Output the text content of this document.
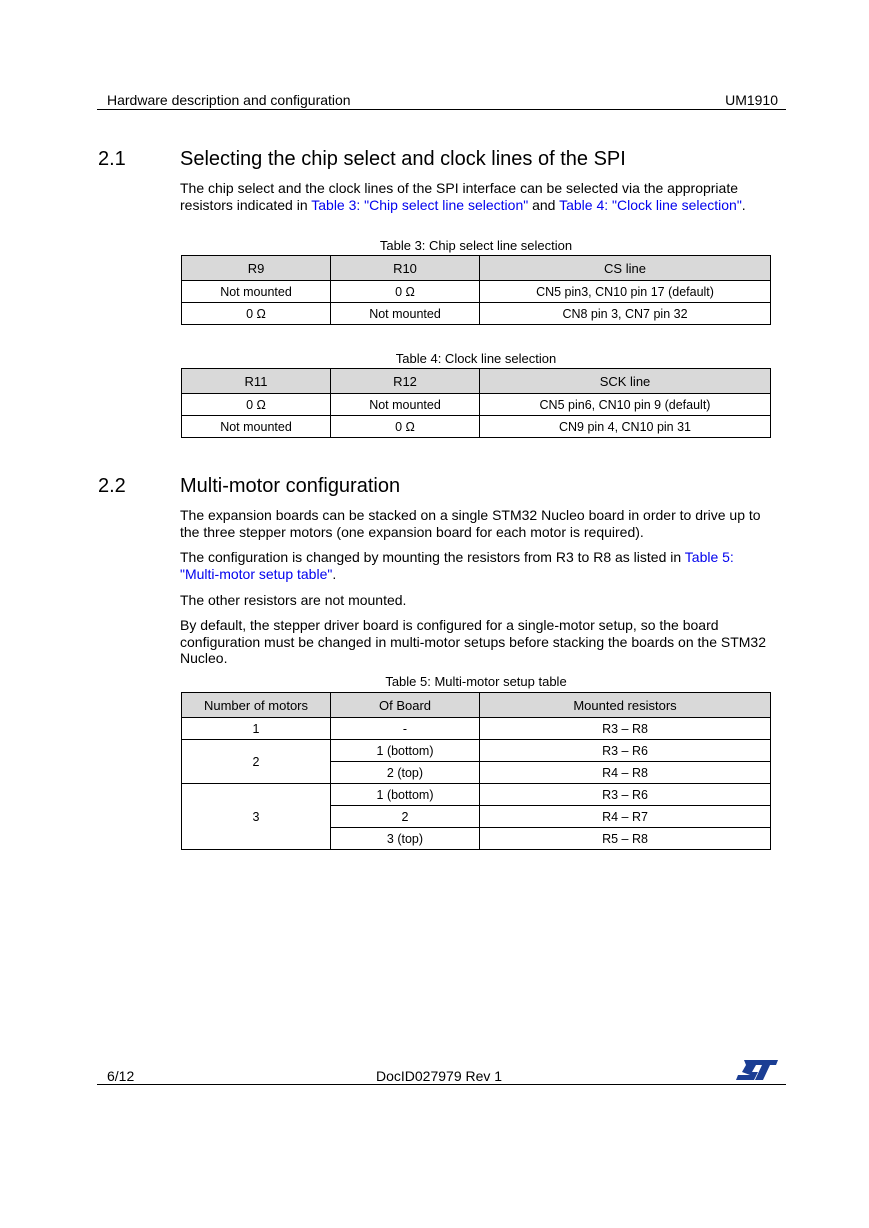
Hardware description and configuration	UM1910
2.1	Selecting the chip select and clock lines of the SPI
The chip select and the clock lines of the SPI interface can be selected via the appropriate resistors indicated in Table 3: "Chip select line selection" and Table 4: "Clock line selection".
Table 3: Chip select line selection
R9	R10	CS line
Not mounted	0 Ω	CN5 pin3, CN10 pin 17 (default)
0 Ω	Not mounted	CN8 pin 3, CN7 pin 32
Table 4: Clock line selection
R11	R12	SCK line
0 Ω	Not mounted	CN5 pin6, CN10 pin 9 (default)
Not mounted	0 Ω	CN9 pin 4, CN10 pin 31
2.2	Multi-motor configuration
The expansion boards can be stacked on a single STM32 Nucleo board in order to drive up to the three stepper motors (one expansion board for each motor is required).
The configuration is changed by mounting the resistors from R3 to R8 as listed in Table 5: "Multi-motor setup table".
The other resistors are not mounted.
By default, the stepper driver board is configured for a single-motor setup, so the board configuration must be changed in multi-motor setups before stacking the boards on the STM32 Nucleo.
Table 5: Multi-motor setup table
Number of motors	Of Board	Mounted resistors
1	-	R3 – R8
2	1 (bottom)	R3 – R6
	2 (top)	R4 – R8
3	1 (bottom)	R3 – R6
	2	R4 – R7
	3 (top)	R5 – R8
6/12	DocID027979 Rev 1
